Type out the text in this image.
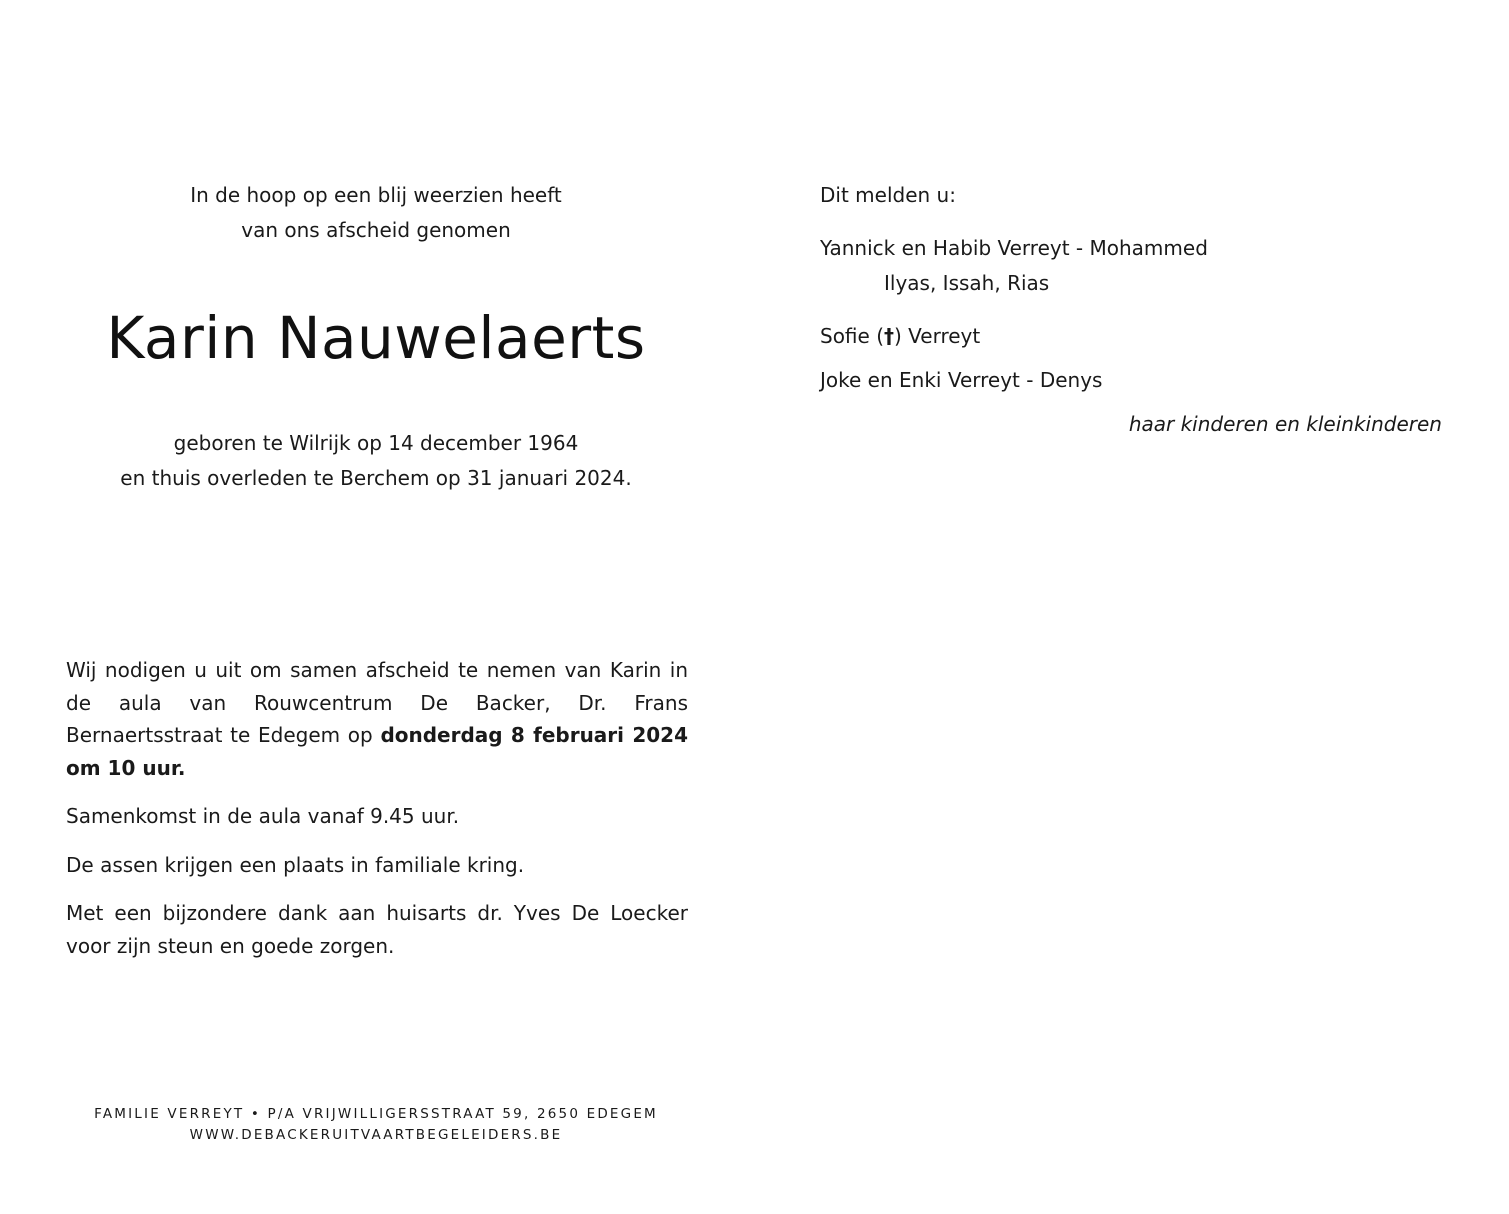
In de hoop op een blij weerzien heeft
van ons afscheid genomen
Karin Nauwelaerts
geboren te Wilrijk op 14 december 1964
en thuis overleden te Berchem op 31 januari 2024.

Wij nodigen u uit om samen afscheid te nemen van Karin in de aula van Rouwcentrum De Backer, Dr. Frans Bernaertsstraat te Edegem op donderdag 8 februari 2024 om 10 uur.

Samenkomst in de aula vanaf 9.45 uur.

De assen krijgen een plaats in familiale kring.

Met een bijzondere dank aan huisarts dr. Yves De Loecker voor zijn steun en goede zorgen.

FAMILIE VERREYT • P/A VRIJWILLIGERSSTRAAT 59, 2650 EDEGEM
WWW.DEBACKERUITVAARTBEGELEIDERS.BE
Dit melden u:
Yannick en Habib Verreyt - Mohammed
Ilyas, Issah, Rias
Sofie (†) Verreyt
Joke en Enki Verreyt - Denys
haar kinderen en kleinkinderen
